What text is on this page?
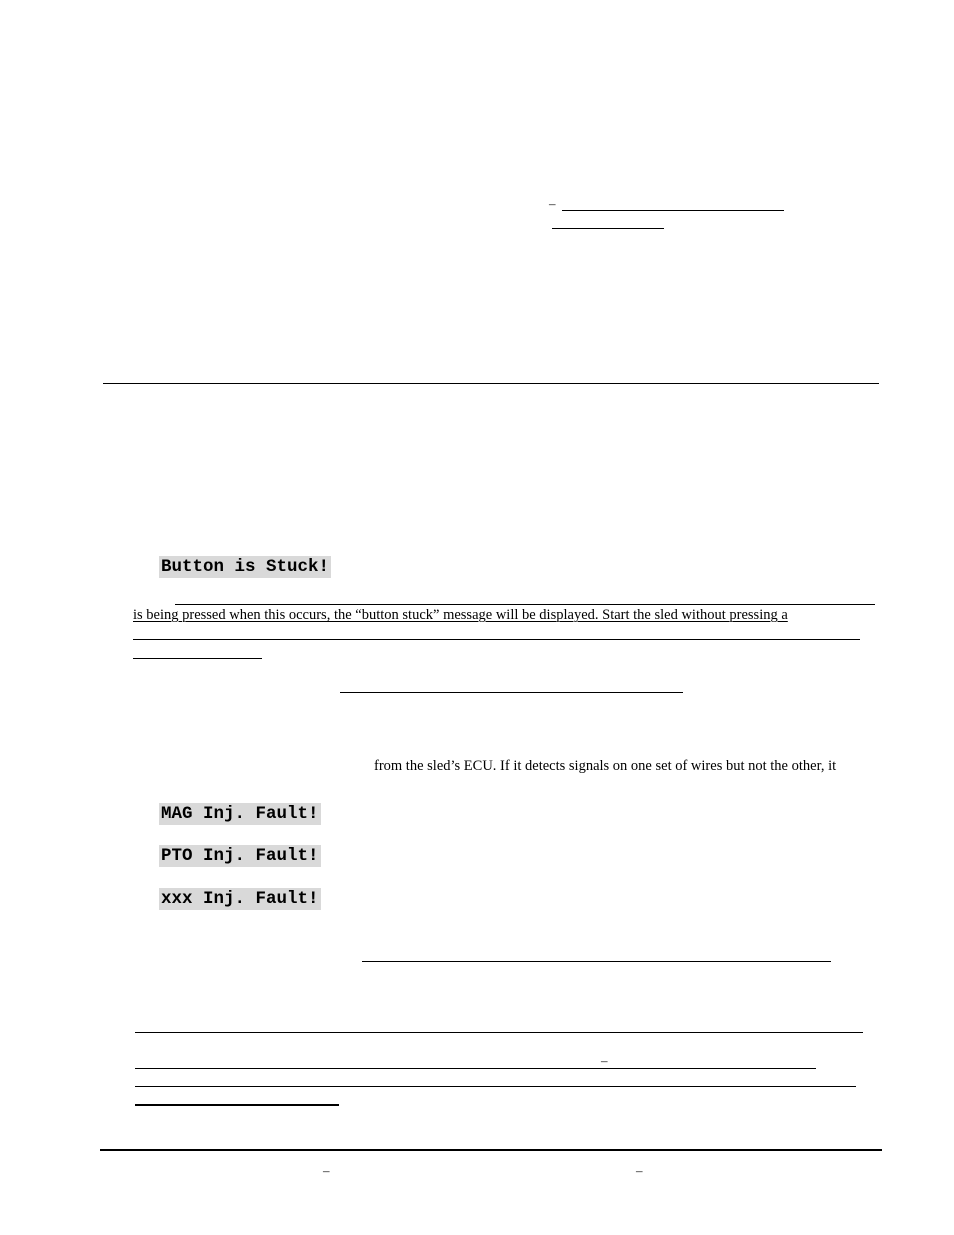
–
Button is Stuck!
is being pressed when this occurs, the “button stuck” message will be displayed. Start the sled without pressing a
from the sled’s ECU. If it detects signals on one set of wires but not the other, it
MAG Inj. Fault!
PTO Inj. Fault!
xxx Inj. Fault!
–
–	–
